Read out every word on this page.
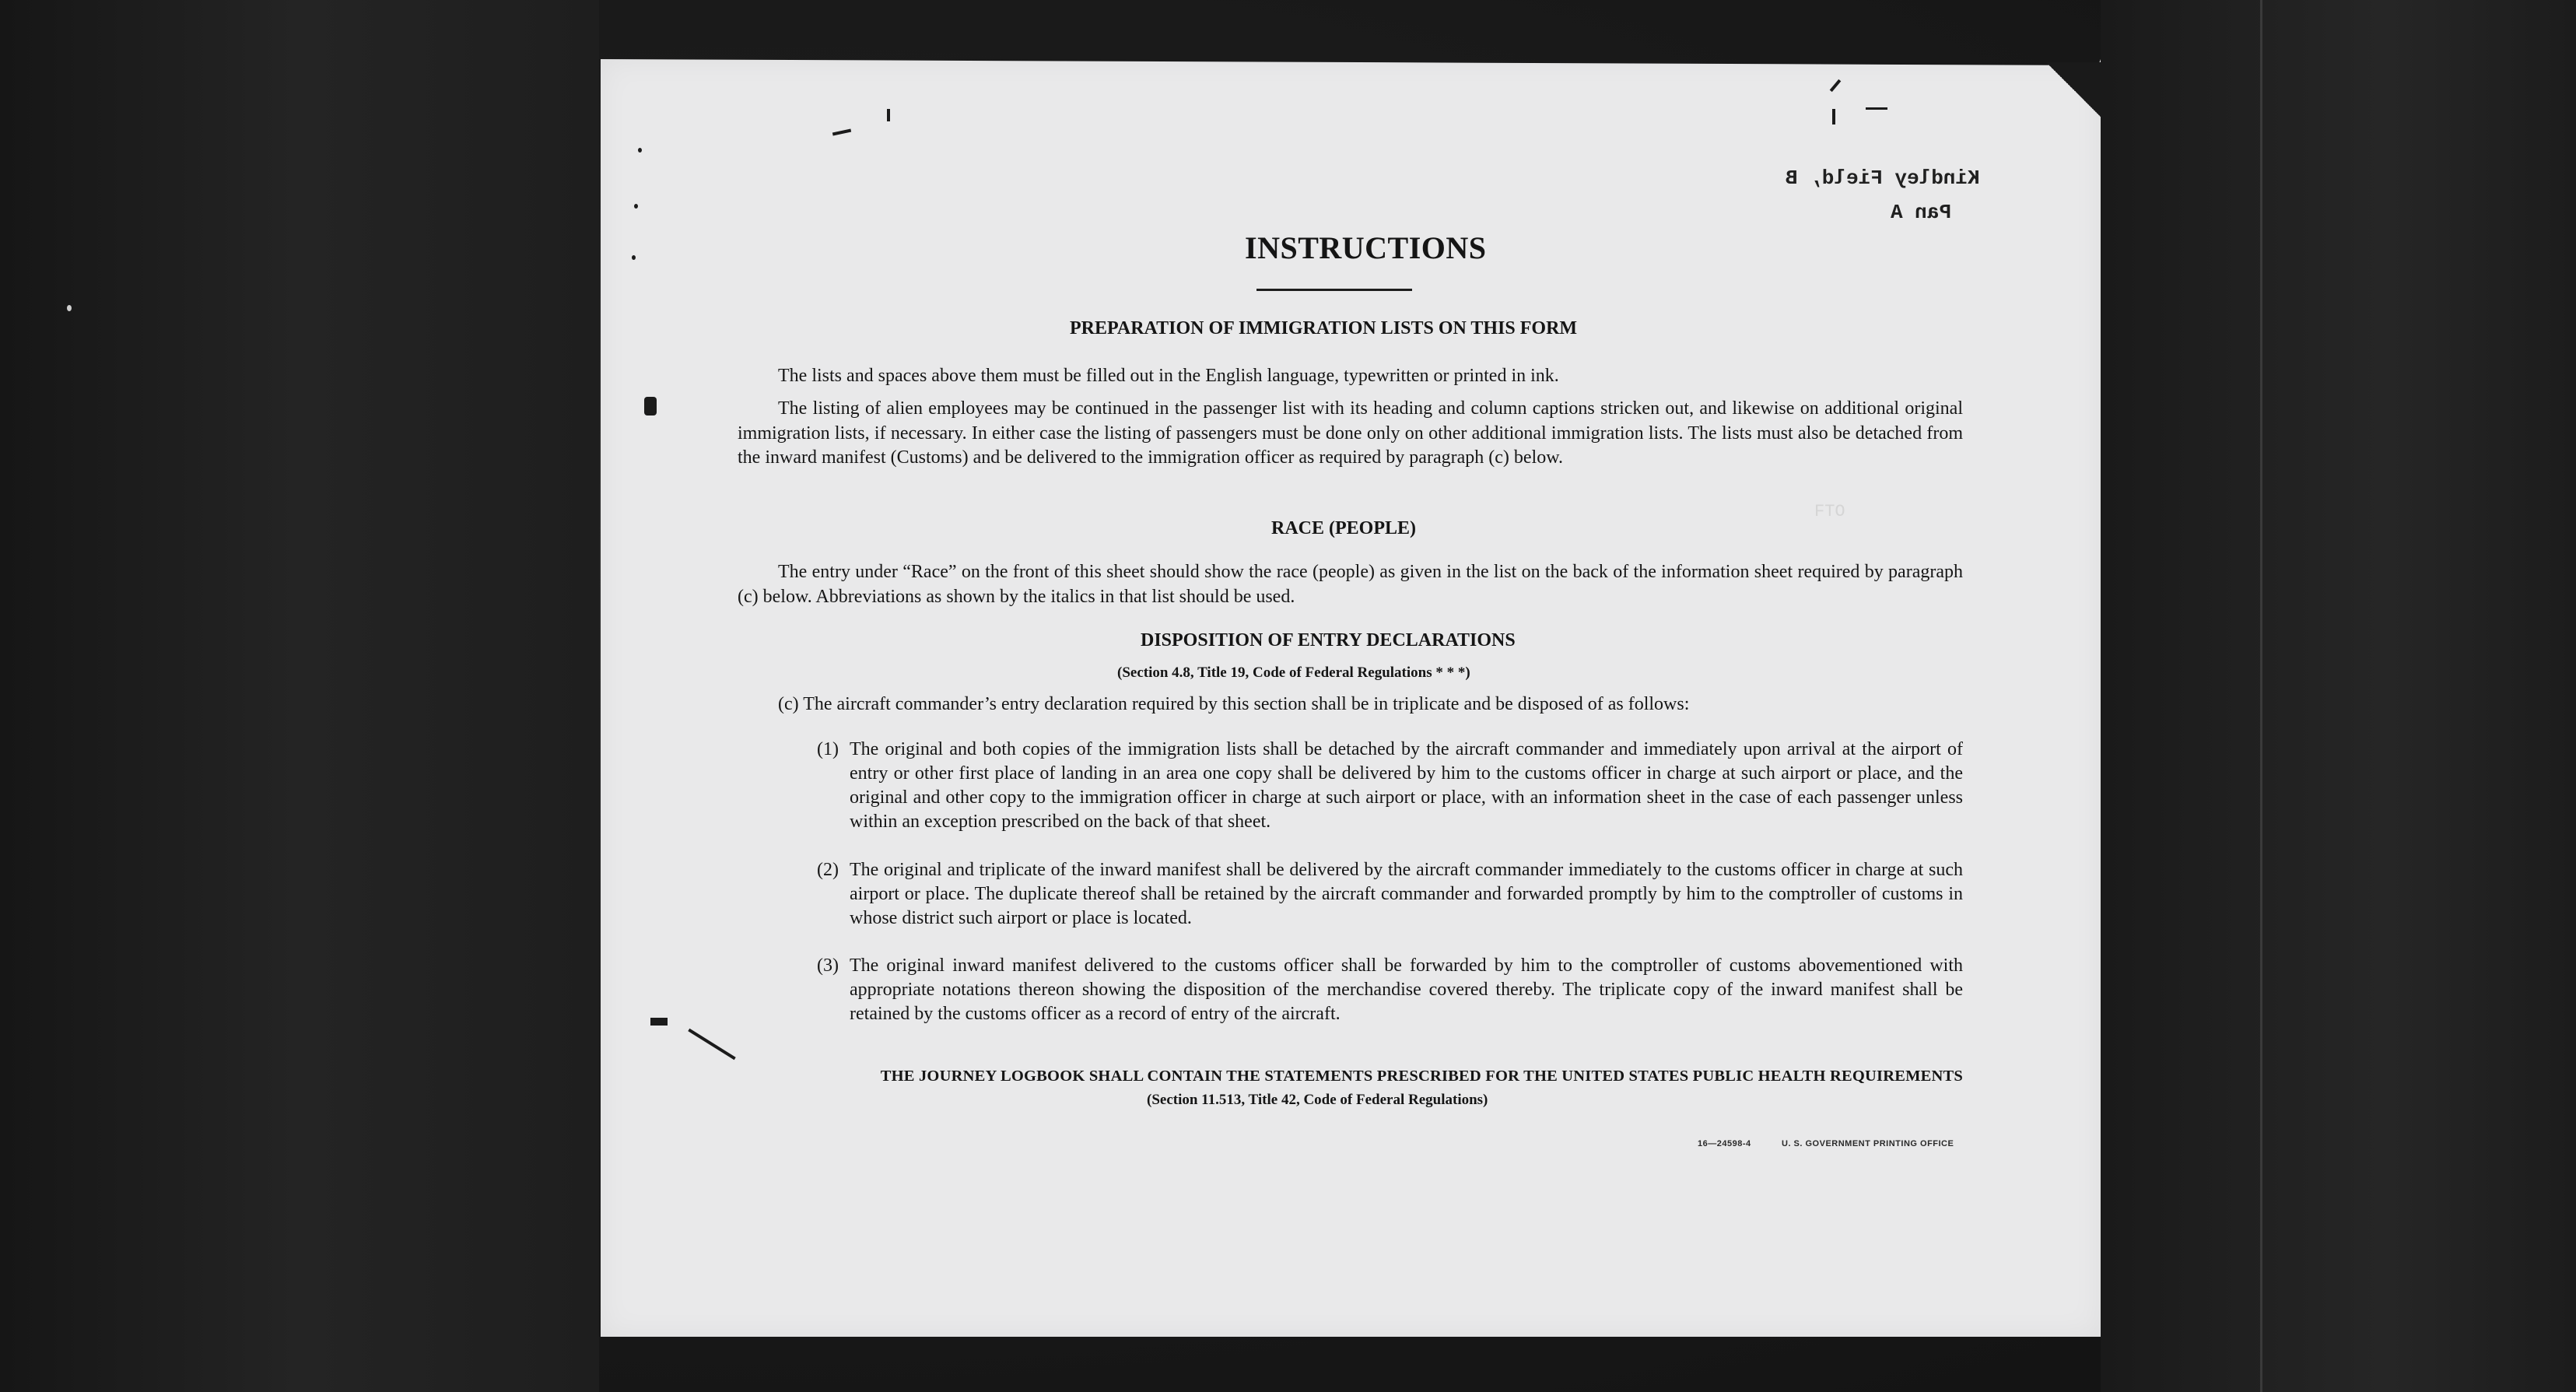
Kindley Field, B
Pan A
FTO
INSTRUCTIONS
PREPARATION OF IMMIGRATION LISTS ON THIS FORM
The lists and spaces above them must be filled out in the English language, typewritten or printed in ink.
The listing of alien employees may be continued in the passenger list with its heading and column captions stricken out, and likewise on additional original immigration lists, if necessary. In either case the listing of passengers must be done only on other additional immigration lists. The lists must also be detached from the inward manifest (Customs) and be delivered to the immigration officer as required by paragraph (c) below.
RACE (PEOPLE)
The entry under “Race” on the front of this sheet should show the race (people) as given in the list on the back of the information sheet required by paragraph (c) below. Abbreviations as shown by the italics in that list should be used.
DISPOSITION OF ENTRY DECLARATIONS
(Section 4.8, Title 19, Code of Federal Regulations * * *)
(c) The aircraft commander’s entry declaration required by this section shall be in triplicate and be disposed of as follows:
(1) The original and both copies of the immigration lists shall be detached by the aircraft commander and immediately upon arrival at the airport of entry or other first place of landing in an area one copy shall be delivered by him to the customs officer in charge at such airport or place, and the original and other copy to the immigration officer in charge at such airport or place, with an information sheet in the case of each passenger unless within an exception prescribed on the back of that sheet.
(2) The original and triplicate of the inward manifest shall be delivered by the aircraft commander immediately to the customs officer in charge at such airport or place. The duplicate thereof shall be retained by the aircraft commander and forwarded promptly by him to the comptroller of customs in whose district such airport or place is located.
(3) The original inward manifest delivered to the customs officer shall be forwarded by him to the comptroller of customs abovementioned with appropriate notations thereon showing the disposition of the merchandise covered thereby. The triplicate copy of the inward manifest shall be retained by the customs officer as a record of entry of the aircraft.
THE JOURNEY LOGBOOK SHALL CONTAIN THE STATEMENTS PRESCRIBED FOR THE UNITED STATES PUBLIC HEALTH REQUIREMENTS
(Section 11.513, Title 42, Code of Federal Regulations)
16—24598-4	U. S. GOVERNMENT PRINTING OFFICE
